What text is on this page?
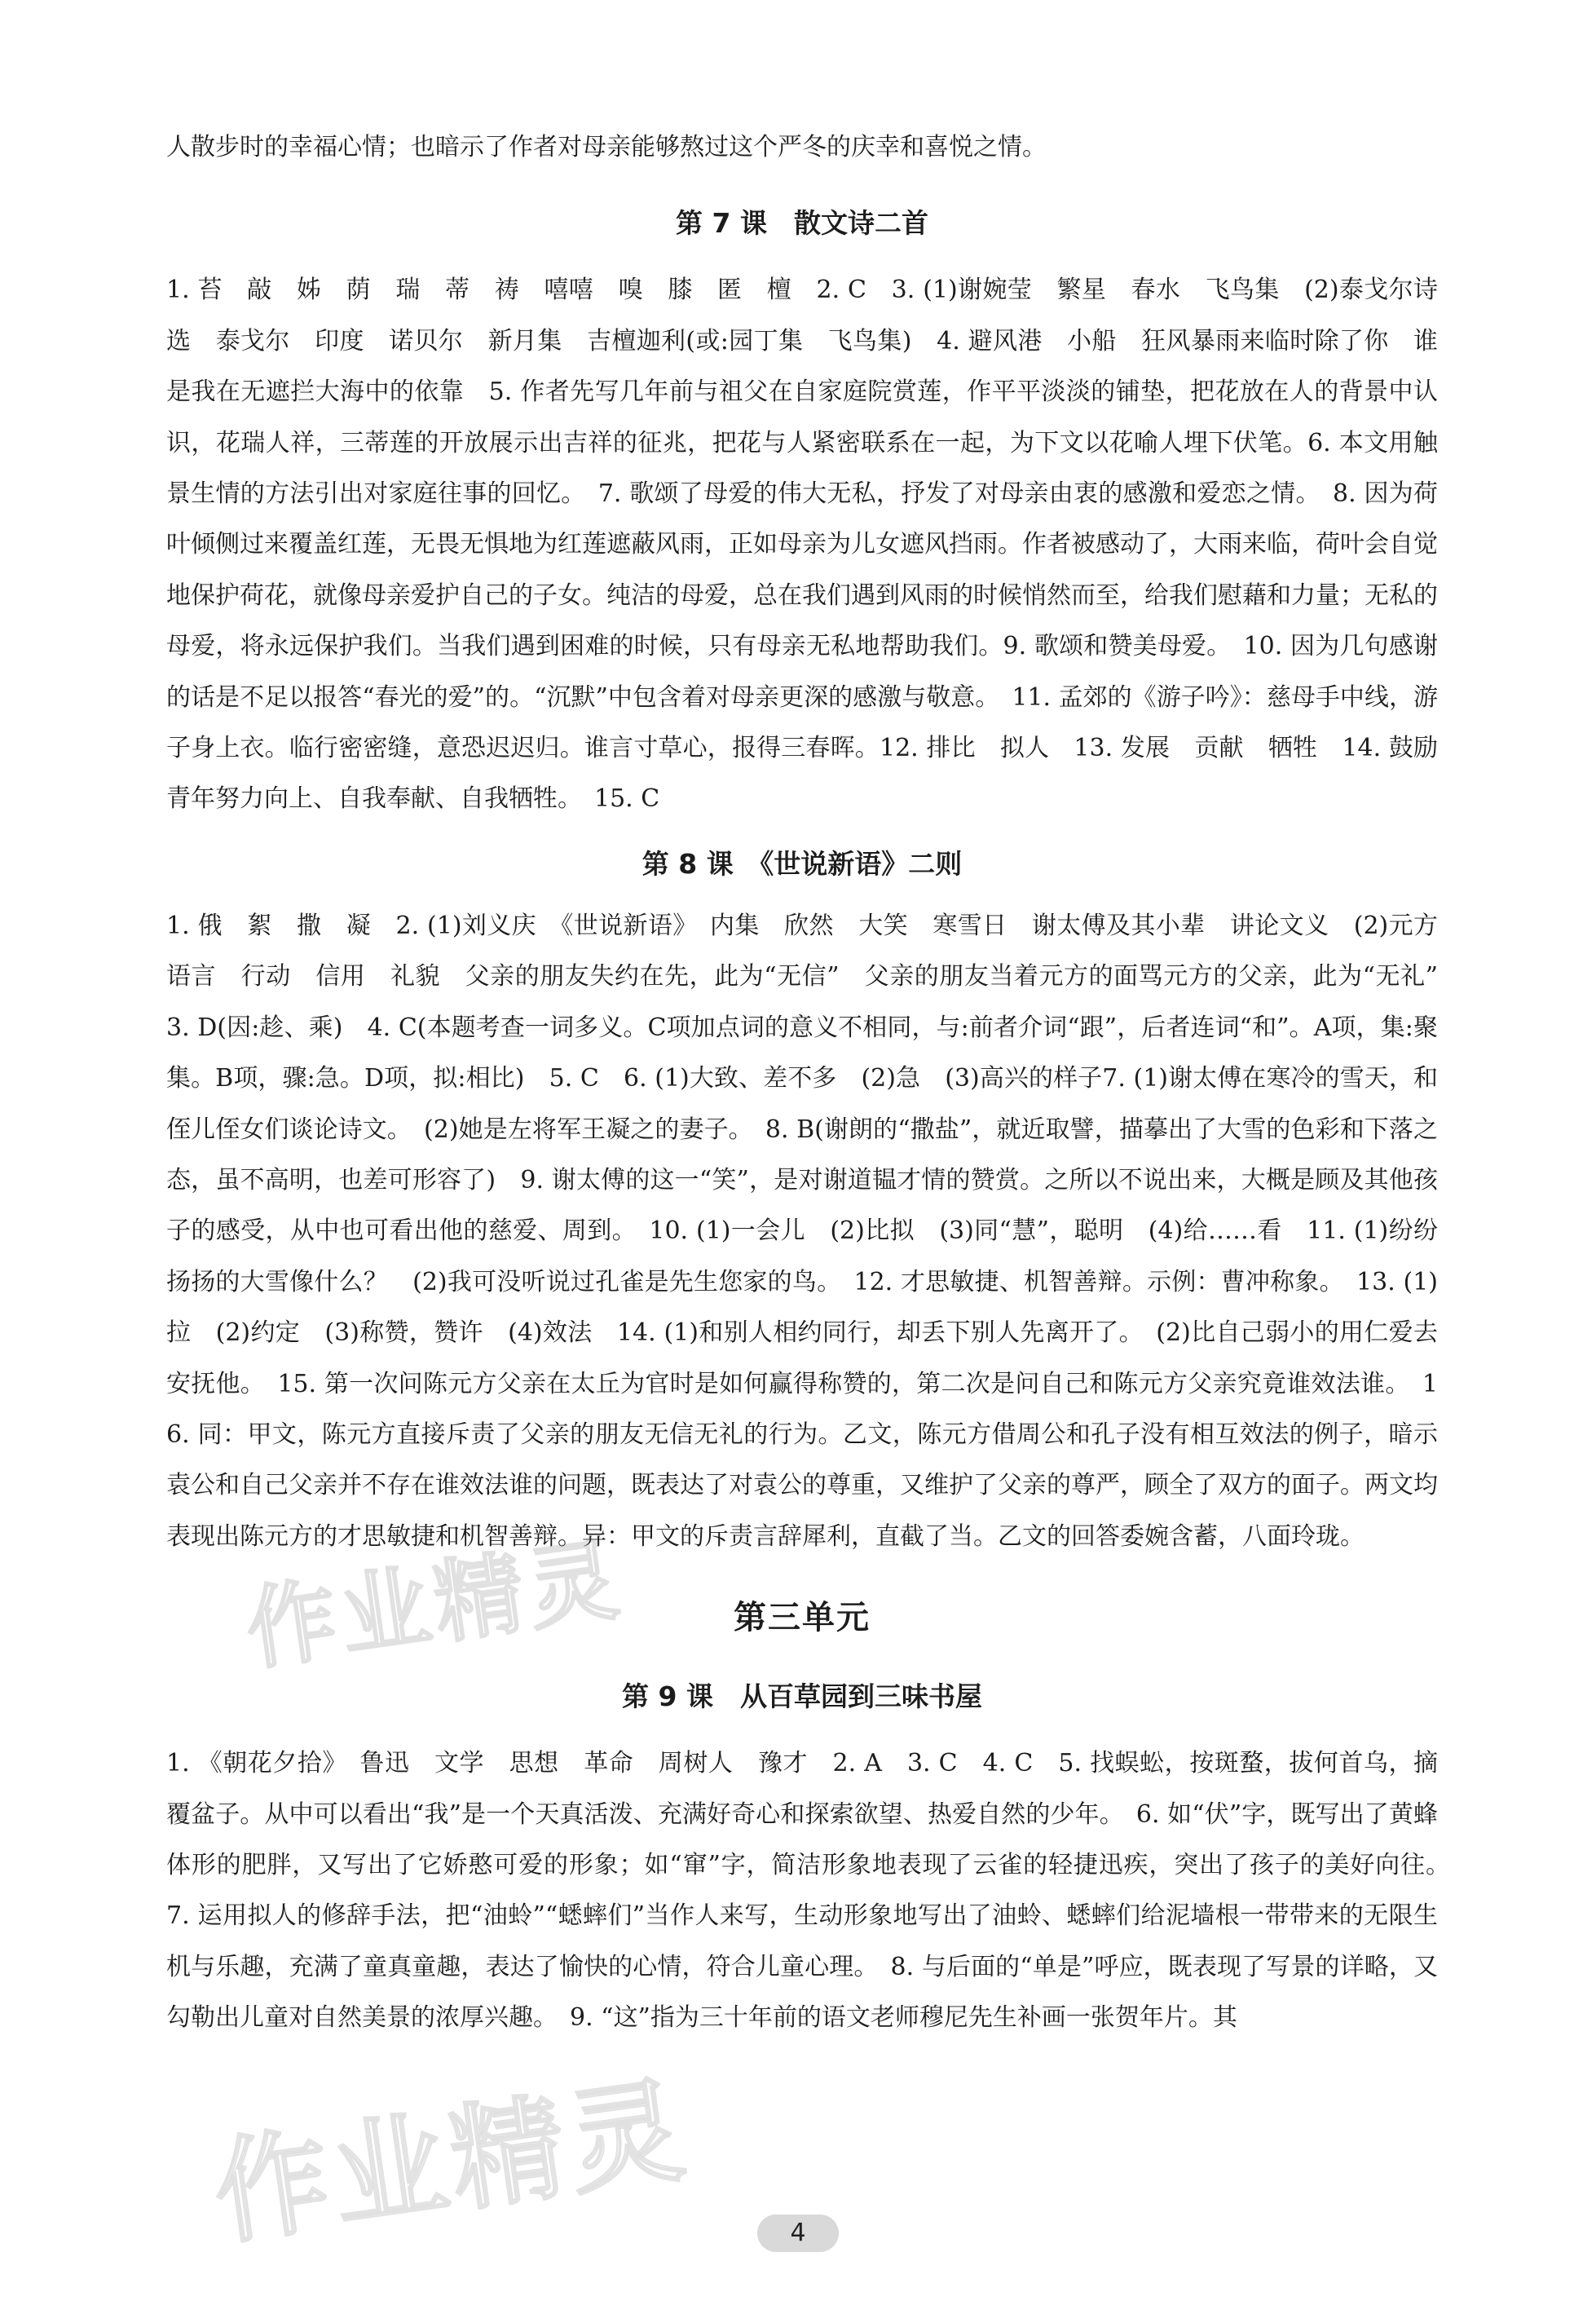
人散步时的幸福心情；也暗示了作者对母亲能够熬过这个严冬的庆幸和喜悦之情。

第 7 课　散文诗二首

1. 苔　敲　姊　荫　瑞　蒂　祷　嘻嘻　嗅　膝　匿　檀　2. C　3. (1)谢婉莹　繁星　春水　飞鸟集　(2)泰戈尔诗选　泰戈尔　印度　诺贝尔　新月集　吉檀迦利(或:园丁集　飞鸟集)　4. 避风港　小船　狂风暴雨来临时除了你　谁是我在无遮拦大海中的依靠　5. 作者先写几年前与祖父在自家庭院赏莲，作平平淡淡的铺垫，把花放在人的背景中认识，花瑞人祥，三蒂莲的开放展示出吉祥的征兆，把花与人紧密联系在一起，为下文以花喻人埋下伏笔。6. 本文用触景生情的方法引出对家庭往事的回忆。　7. 歌颂了母爱的伟大无私，抒发了对母亲由衷的感激和爱恋之情。　8. 因为荷叶倾侧过来覆盖红莲，无畏无惧地为红莲遮蔽风雨，正如母亲为儿女遮风挡雨。作者被感动了，大雨来临，荷叶会自觉地保护荷花，就像母亲爱护自己的子女。纯洁的母爱，总在我们遇到风雨的时候悄然而至，给我们慰藉和力量；无私的母爱，将永远保护我们。当我们遇到困难的时候，只有母亲无私地帮助我们。9. 歌颂和赞美母爱。　10. 因为几句感谢的话是不足以报答“春光的爱”的。“沉默”中包含着对母亲更深的感激与敬意。　11. 孟郊的《游子吟》：慈母手中线，游子身上衣。临行密密缝，意恐迟迟归。谁言寸草心，报得三春晖。12. 排比　拟人　13. 发展　贡献　牺牲　14. 鼓励青年努力向上、自我奉献、自我牺牲。　15. C

第 8 课　《世说新语》二则

1. 俄　絮　撒　凝　2. (1)刘义庆　《世说新语》　内集　欣然　大笑　寒雪日　谢太傅及其小辈　讲论文义　(2)元方　语言　行动　信用　礼貌　父亲的朋友失约在先，此为“无信”　父亲的朋友当着元方的面骂元方的父亲，此为“无礼”　3. D(因:趁、乘)　4. C(本题考查一词多义。C项加点词的意义不相同，与:前者介词“跟”，后者连词“和”。A项，集:聚集。B项，骤:急。D项，拟:相比)　5. C　6. (1)大致、差不多　(2)急　(3)高兴的样子7. (1)谢太傅在寒冷的雪天，和侄儿侄女们谈论诗文。　(2)她是左将军王凝之的妻子。　8. B(谢朗的“撒盐”，就近取譬，描摹出了大雪的色彩和下落之态，虽不高明，也差可形容了)　9. 谢太傅的这一“笑”，是对谢道韫才情的赞赏。之所以不说出来，大概是顾及其他孩子的感受，从中也可看出他的慈爱、周到。　10. (1)一会儿　(2)比拟　(3)同“慧”，聪明　(4)给……看　11. (1)纷纷扬扬的大雪像什么？　(2)我可没听说过孔雀是先生您家的鸟。　12. 才思敏捷、机智善辩。示例：曹冲称象。　13. (1)拉　(2)约定　(3)称赞，赞许　(4)效法　14. (1)和别人相约同行，却丢下别人先离开了。　(2)比自己弱小的用仁爱去安抚他。　15. 第一次问陈元方父亲在太丘为官时是如何赢得称赞的，第二次是问自己和陈元方父亲究竟谁效法谁。　16. 同：甲文，陈元方直接斥责了父亲的朋友无信无礼的行为。乙文，陈元方借周公和孔子没有相互效法的例子，暗示袁公和自己父亲并不存在谁效法谁的问题，既表达了对袁公的尊重，又维护了父亲的尊严，顾全了双方的面子。两文均表现出陈元方的才思敏捷和机智善辩。异：甲文的斥责言辞犀利，直截了当。乙文的回答委婉含蓄，八面玲珑。

第三单元

第 9 课　从百草园到三味书屋

1. 《朝花夕拾》　鲁迅　文学　思想　革命　周树人　豫才　2. A　3. C　4. C　5. 找蜈蚣，按斑蝥，拔何首乌，摘覆盆子。从中可以看出“我”是一个天真活泼、充满好奇心和探索欲望、热爱自然的少年。　6. 如“伏”字，既写出了黄蜂体形的肥胖，又写出了它娇憨可爱的形象；如“窜”字，简洁形象地表现了云雀的轻捷迅疾，突出了孩子的美好向往。　7. 运用拟人的修辞手法，把“油蛉”“蟋蟀们”当作人来写，生动形象地写出了油蛉、蟋蟀们给泥墙根一带带来的无限生机与乐趣，充满了童真童趣，表达了愉快的心情，符合儿童心理。　8. 与后面的“单是”呼应，既表现了写景的详略，又勾勒出儿童对自然美景的浓厚兴趣。　9. “这”指为三十年前的语文老师穆尼先生补画一张贺年片。其

作业精灵
作业精灵	4
